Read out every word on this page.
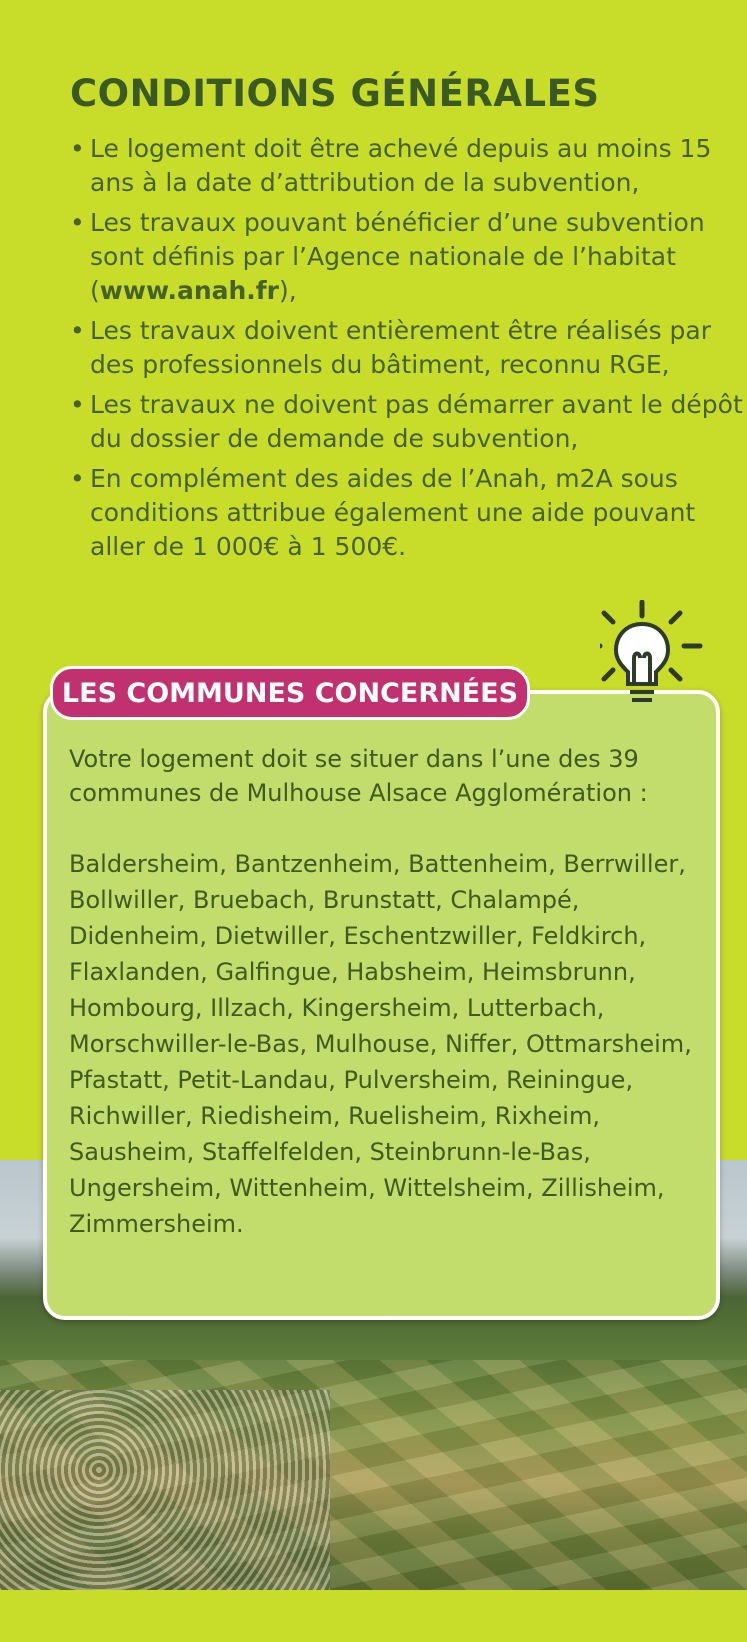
CONDITIONS GÉNÉRALES
• Le logement doit être achevé depuis au moins 15 ans à la date d’attribution de la subvention,
• Les travaux pouvant bénéficier d’une subvention sont définis par l’Agence nationale de l’habitat (www.anah.fr),
• Les travaux doivent entièrement être réalisés par des professionnels du bâtiment, reconnu RGE,
• Les travaux ne doivent pas démarrer avant le dépôt du dossier de demande de subvention,
• En complément des aides de l’Anah, m2A sous conditions attribue également une aide pouvant aller de 1 000€ à 1 500€.
LES COMMUNES CONCERNÉES

Votre logement doit se situer dans l’une des 39 communes de Mulhouse Alsace Agglomération :

Baldersheim, Bantzenheim, Battenheim, Berrwiller, Bollwiller, Bruebach, Brunstatt, Chalampé, Didenheim, Dietwiller, Eschentzwiller, Feldkirch, Flaxlanden, Galfingue, Habsheim, Heimsbrunn, Hombourg, Illzach, Kingersheim, Lutterbach, Morschwiller-le-Bas, Mulhouse, Niffer, Ottmarsheim, Pfastatt, Petit-Landau, Pulversheim, Reiningue, Richwiller, Riedisheim, Ruelisheim, Rixheim, Sausheim, Staffelfelden, Steinbrunn-le-Bas, Ungersheim, Wittenheim, Wittelsheim, Zillisheim, Zimmersheim.
